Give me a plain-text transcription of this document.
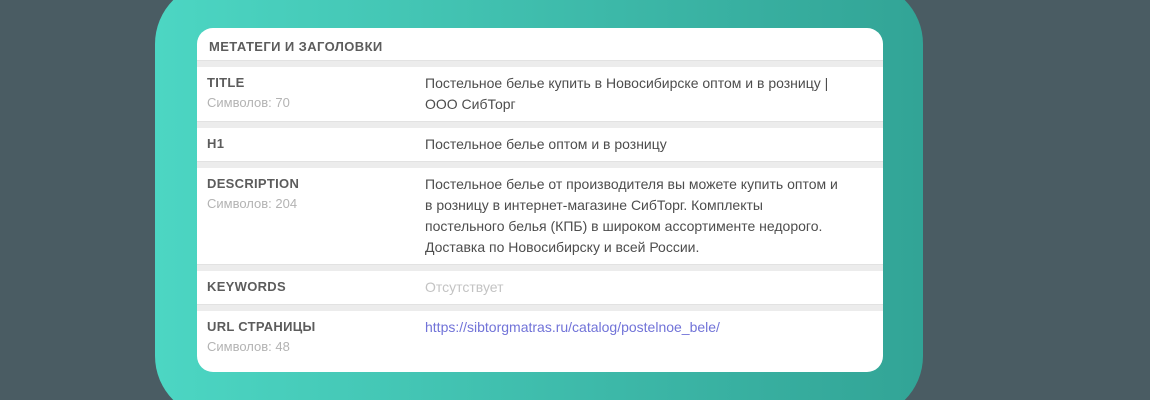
МЕТАТЕГИ И ЗАГОЛОВКИ
TITLE
Символов: 70
Постельное белье купить в Новосибирске оптом и в розницу | ООО СибТорг
H1	Постельное белье оптом и в розницу
DESCRIPTION
Символов: 204
Постельное белье от производителя вы можете купить оптом и в розницу в интернет-магазине СибТорг. Комплекты постельного белья (КПБ) в широком ассортименте недорого. Доставка по Новосибирску и всей России.
KEYWORDS	Отсутствует
URL СТРАНИЦЫ
Символов: 48
https://sibtorgmatras.ru/catalog/postelnoe_bele/
